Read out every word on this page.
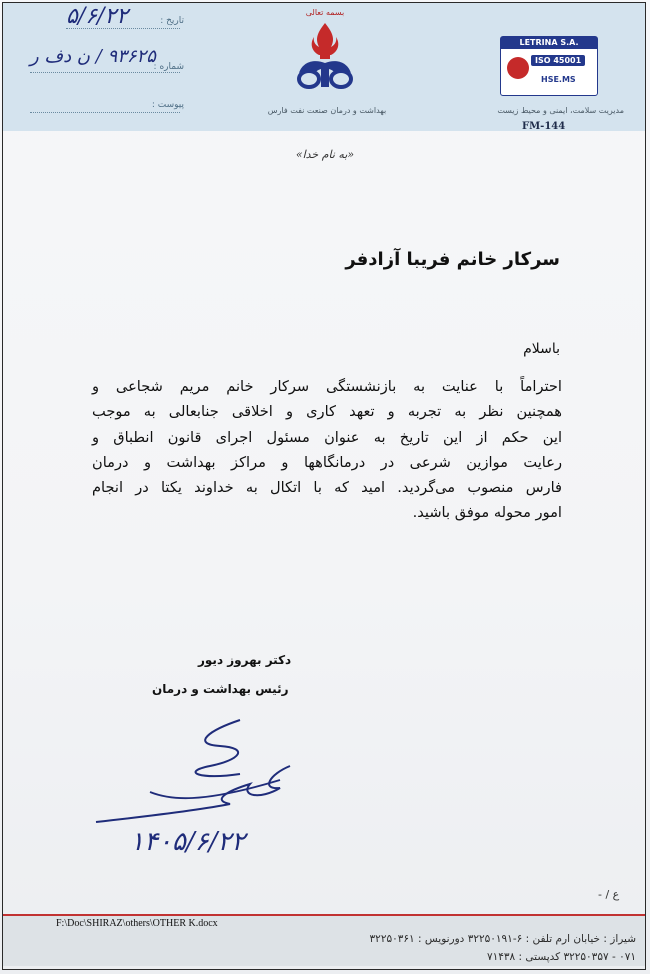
تاریخ :
۵/۶/۲۲
شماره :
۹۳۶۲۵ / ن دف ر
پیوست :
بسمه تعالی
بهداشت و درمان صنعت نفت فارس
LETRINA S.A.
ISO 45001
HSE.MS
مدیریت سلامت، ایمنی و محیط زیست
FM-144
«به نام خدا»
سرکار خانم فریبا آزادفر
باسلام

احتراماً با عنایت به بازنشستگی سرکار خانم مریم شجاعی و

همچنین نظر به تجربه و تعهد کاری و اخلاقی جنابعالی به موجب

این حکم از این تاریخ به عنوان مسئول اجرای قانون انطباق و

رعایت موازین شرعی در درمانگاهها و مراکز بهداشت و درمان

فارس منصوب می‌گردید. امید که با اتکال به خداوند یکتا در انجام

امور محوله موفق باشید.

دکتر بهروز دیور
رئیس بهداشت و درمان
۱۴۰۵/۶/۲۲
ع / -
F:\Doc\SHIRAZ\others\OTHER K.docx
شیراز : خیابان ارم تلفن : ۶-۳۲۲۵۰۱۹۱ دورنویس : ۳۲۲۵۰۳۶۱
۰۷۱ - ۳۲۲۵۰۳۵۷ کدپستی : ۷۱۴۳۸
